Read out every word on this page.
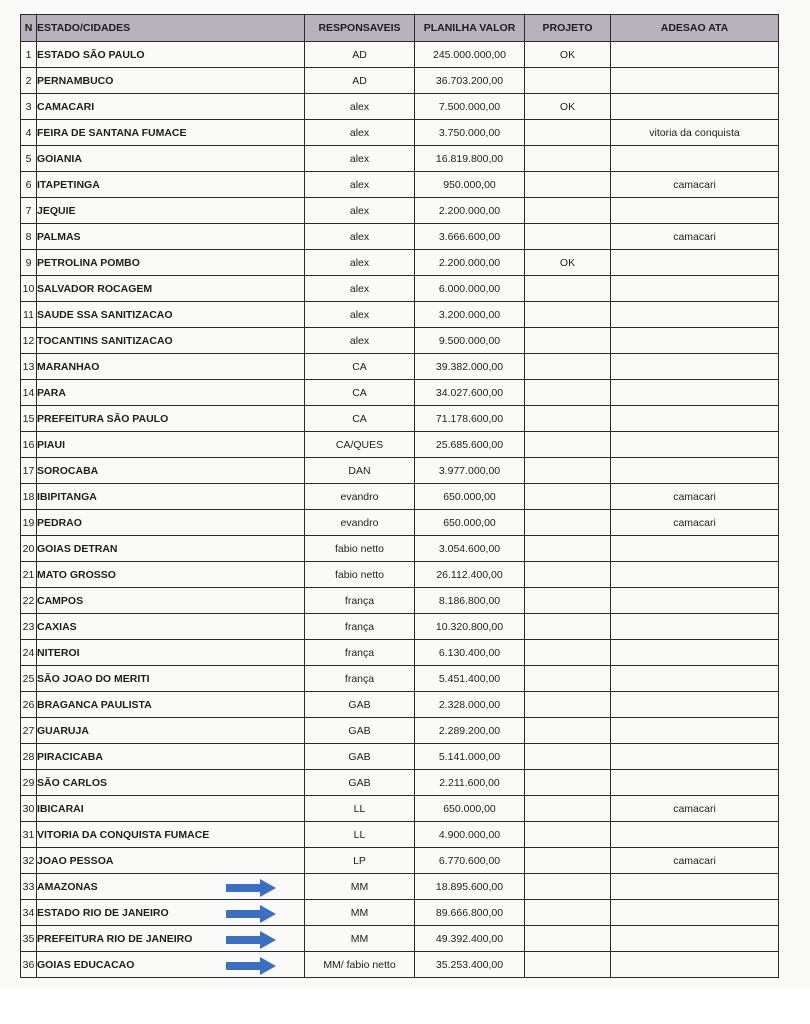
N	ESTADO/CIDADES	RESPONSAVEIS	PLANILHA VALOR	PROJETO	ADESAO ATA
1	ESTADO SÃO PAULO	AD	245.000.000,00	OK	
2	PERNAMBUCO	AD	36.703.200,00		
3	CAMACARI	alex	7.500.000,00	OK	
4	FEIRA DE SANTANA FUMACE	alex	3.750.000,00		vitoria da conquista
5	GOIANIA	alex	16.819.800,00		
6	ITAPETINGA	alex	950.000,00		camacari
7	JEQUIE	alex	2.200.000,00		
8	PALMAS	alex	3.666.600,00		camacari
9	PETROLINA POMBO	alex	2.200.000,00	OK	
10	SALVADOR ROCAGEM	alex	6.000.000,00		
11	SAUDE SSA SANITIZACAO	alex	3.200.000,00		
12	TOCANTINS SANITIZACAO	alex	9.500.000,00		
13	MARANHAO	CA	39.382.000,00		
14	PARA	CA	34.027.600,00		
15	PREFEITURA SÃO PAULO	CA	71.178.600,00		
16	PIAUI	CA/QUES	25.685.600,00		
17	SOROCABA	DAN	3.977.000,00		
18	IBIPITANGA	evandro	650.000,00		camacari
19	PEDRAO	evandro	650.000,00		camacari
20	GOIAS DETRAN	fabio netto	3.054.600,00		
21	MATO GROSSO	fabio netto	26.112.400,00		
22	CAMPOS	frança	8.186.800,00		
23	CAXIAS	frança	10.320.800,00		
24	NITEROI	frança	6.130.400,00		
25	SÃO JOAO DO MERITI	frança	5.451.400,00		
26	BRAGANCA PAULISTA	GAB	2.328.000,00		
27	GUARUJA	GAB	2.289.200,00		
28	PIRACICABA	GAB	5.141.000,00		
29	SÃO CARLOS	GAB	2.211.600,00		
30	IBICARAI	LL	650.000,00		camacari
31	VITORIA DA CONQUISTA FUMACE	LL	4.900.000,00		
32	JOAO PESSOA	LP	6.770.600,00		camacari
33	AMAZONAS	MM	18.895.600,00		
34	ESTADO RIO DE JANEIRO	MM	89.666.800,00		
35	PREFEITURA RIO DE JANEIRO	MM	49.392.400,00		
36	GOIAS EDUCACAO	MM/ fabio netto	35.253.400,00		
